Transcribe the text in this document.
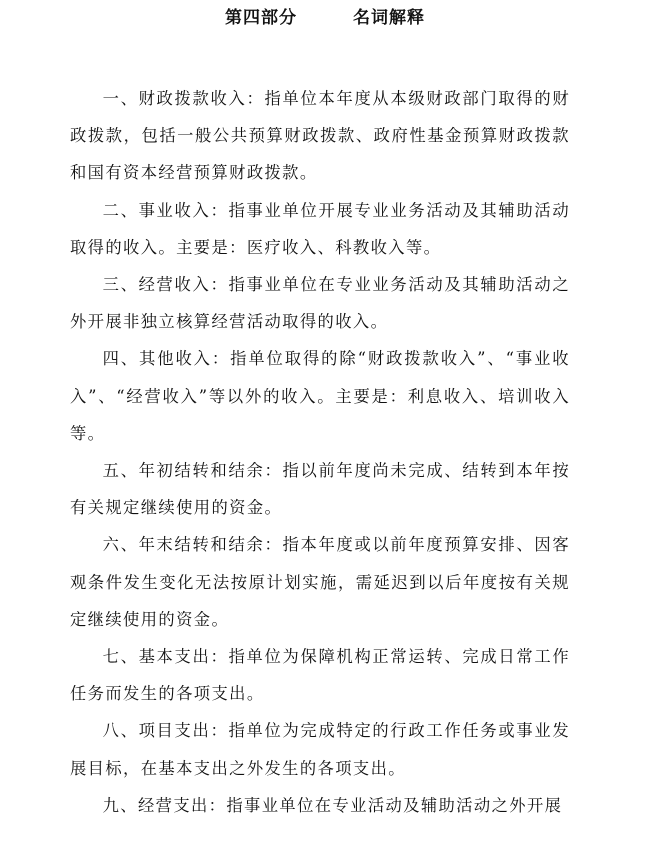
第四部分	名词解释

一、财政拨款收入：指单位本年度从本级财政部门取得的财政拨款，包括一般公共预算财政拨款、政府性基金预算财政拨款和国有资本经营预算财政拨款。

二、事业收入：指事业单位开展专业业务活动及其辅助活动取得的收入。主要是：医疗收入、科教收入等。

三、经营收入：指事业单位在专业业务活动及其辅助活动之外开展非独立核算经营活动取得的收入。

四、其他收入：指单位取得的除“财政拨款收入”、“事业收入”、“经营收入”等以外的收入。主要是：利息收入、培训收入等。

五、年初结转和结余：指以前年度尚未完成、结转到本年按有关规定继续使用的资金。

六、年末结转和结余：指本年度或以前年度预算安排、因客观条件发生变化无法按原计划实施，需延迟到以后年度按有关规定继续使用的资金。

七、基本支出：指单位为保障机构正常运转、完成日常工作任务而发生的各项支出。

八、项目支出：指单位为完成特定的行政工作任务或事业发展目标，在基本支出之外发生的各项支出。

九、经营支出：指事业单位在专业活动及辅助活动之外开展
